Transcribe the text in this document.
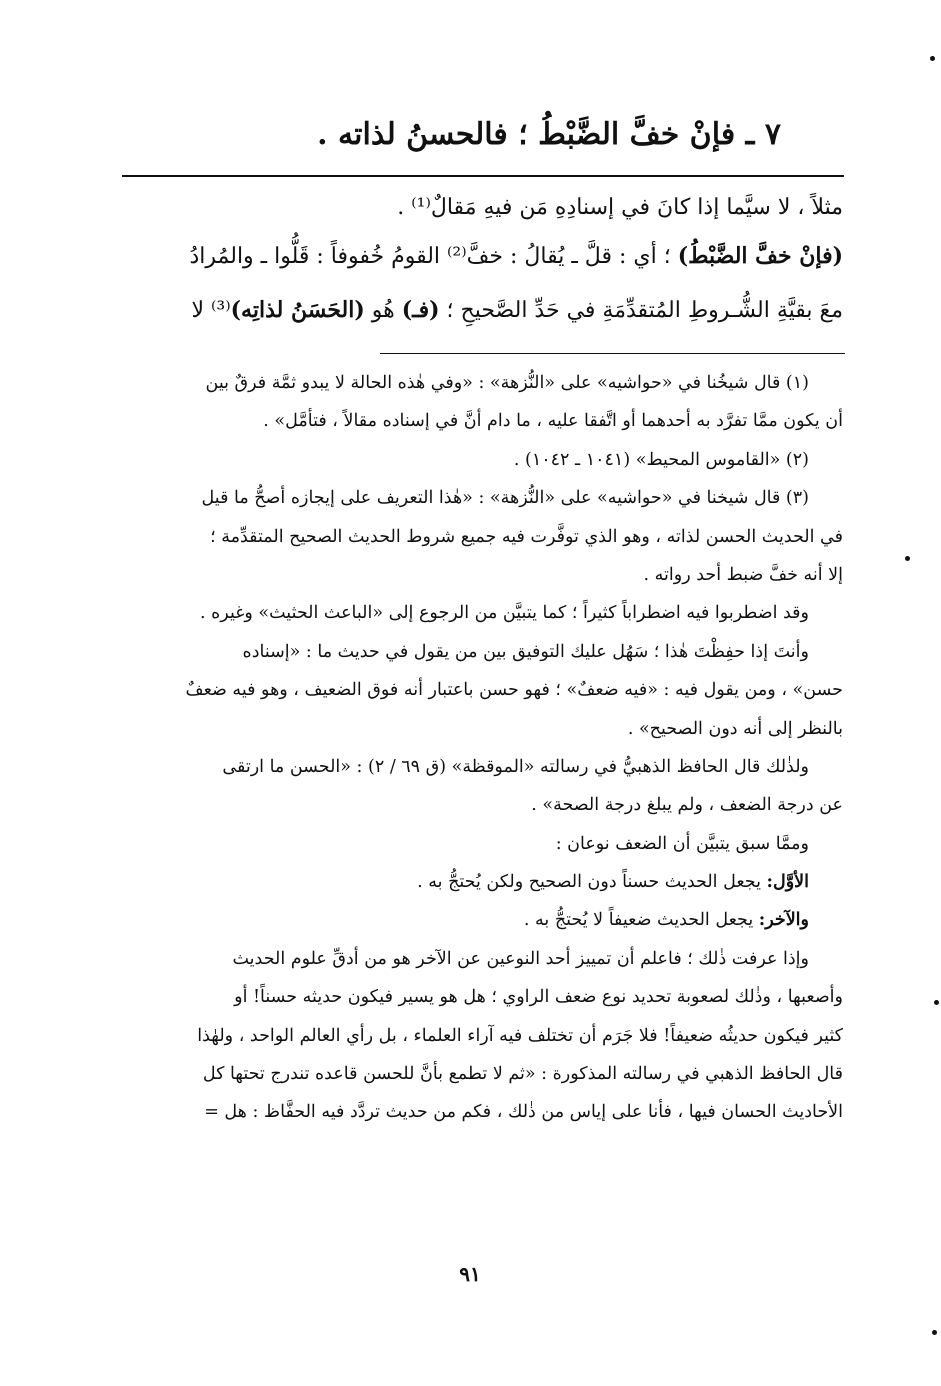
٧ ـ فإنْ خفَّ الضَّبْطُ ؛ فالحسنُ لذاته .

مثلاً ، لا سيَّما إذا كانَ في إسنادِهِ مَن فيهِ مَقالٌ⁽¹⁾ .

(فإنْ خفَّ الضَّبْطُ) ؛ أي : قلَّ ـ يُقالُ : خفَّ⁽²⁾ القومُ خُفوفاً : قَلُّوا ـ والمُرادُ

معَ بقيَّةِ الشُّـروطِ المُتقدِّمَةِ في حَدِّ الصَّحيحِ ؛ (فـ) هُو (الحَسَنُ لذاتِه)⁽³⁾ لا

(١) قال شيخُنا في «حواشيه» على «النُّزهة» : «وفي هٰذه الحالة لا يبدو ثمَّة فرقٌ بين
أن يكون ممَّا تفرَّد به أحدهما أو اتَّفقا عليه ، ما دام أنَّ في إسناده مقالاً ، فتأمَّل» .
(٢) «القاموس المحيط» (١٠٤١ ـ ١٠٤٢) .
(٣) قال شيخنا في «حواشيه» على «النُّزهة» : «هٰذا التعريف على إيجازه أصحُّ ما قيل
في الحديث الحسن لذاته ، وهو الذي توفَّرت فيه جميع شروط الحديث الصحيح المتقدِّمة ؛
إلا أنه خفَّ ضبط أحد رواته .
وقد اضطربوا فيه اضطراباً كثيراً ؛ كما يتبيَّن من الرجوع إلى «الباعث الحثيث» وغيره .
وأنتَ إذا حفِظْتَ هٰذا ؛ سَهُل عليك التوفيق بين من يقول في حديث ما : «إسناده
حسن» ، ومن يقول فيه : «فيه ضعفٌ» ؛ فهو حسن باعتبار أنه فوق الضعيف ، وهو فيه ضعفٌ
بالنظر إلى أنه دون الصحيح» .
ولذٰلك قال الحافظ الذهبيُّ في رسالته «الموقظة» (ق ٦٩ / ٢) : «الحسن ما ارتقى
عن درجة الضعف ، ولم يبلغ درجة الصحة» .
وممَّا سبق يتبيَّن أن الضعف نوعان :
الأوَّل: يجعل الحديث حسناً دون الصحيح ولكن يُحتجُّ به .
والآخر: يجعل الحديث ضعيفاً لا يُحتجُّ به .
وإذا عرفت ذٰلك ؛ فاعلم أن تمييز أحد النوعين عن الآخر هو من أدقِّ علوم الحديث
وأصعبها ، وذٰلك لصعوبة تحديد نوع ضعف الراوي ؛ هل هو يسير فيكون حديثه حسناً! أو
كثير فيكون حديثُه ضعيفاً! فلا جَرَم أن تختلف فيه آراء العلماء ، بل رأي العالم الواحد ، ولهٰذا
قال الحافظ الذهبي في رسالته المذكورة : «ثم لا تطمع بأنَّ للحسن قاعده تندرج تحتها كل
الأحاديث الحسان فيها ، فأنا على إياس من ذٰلك ، فكم من حديث تردَّد فيه الحفَّاظ : هل =
٩١
